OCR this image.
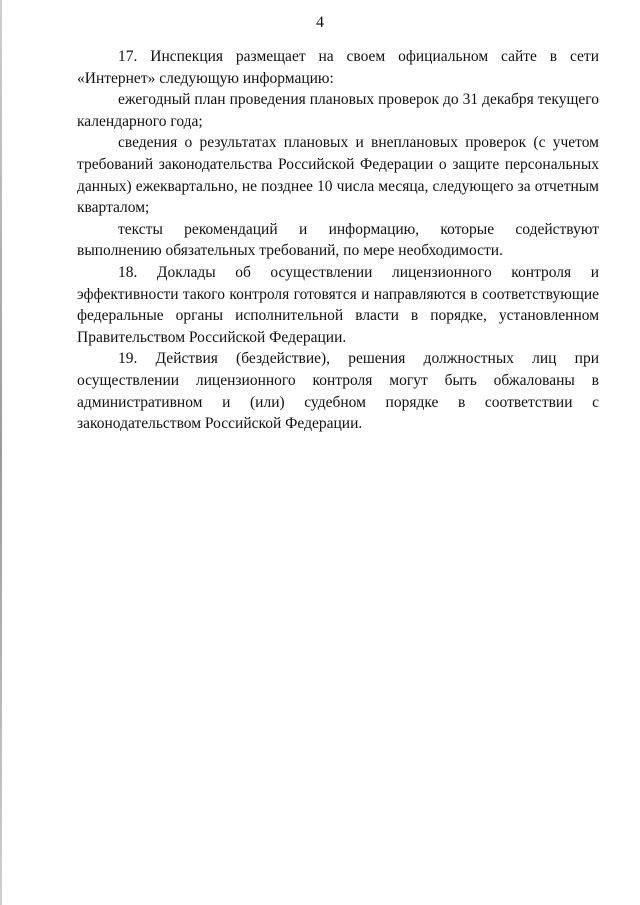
4

17. Инспекция размещает на своем официальном сайте в сети «Интернет» следующую информацию:

ежегодный план проведения плановых проверок до 31 декабря текущего календарного года;

сведения о результатах плановых и внеплановых проверок (с учетом требований законодательства Российской Федерации о защите персональных данных) ежеквартально, не позднее 10 числа месяца, следующего за отчетным кварталом;

тексты рекомендаций и информацию, которые содействуют выполнению обязательных требований, по мере необходимости.

18. Доклады об осуществлении лицензионного контроля и эффективности такого контроля готовятся и направляются в соответствующие федеральные органы исполнительной власти в порядке, установленном Правительством Российской Федерации.

19. Действия (бездействие), решения должностных лиц при осуществлении лицензионного контроля могут быть обжалованы в административном и (или) судебном порядке в соответствии с законодательством Российской Федерации.
